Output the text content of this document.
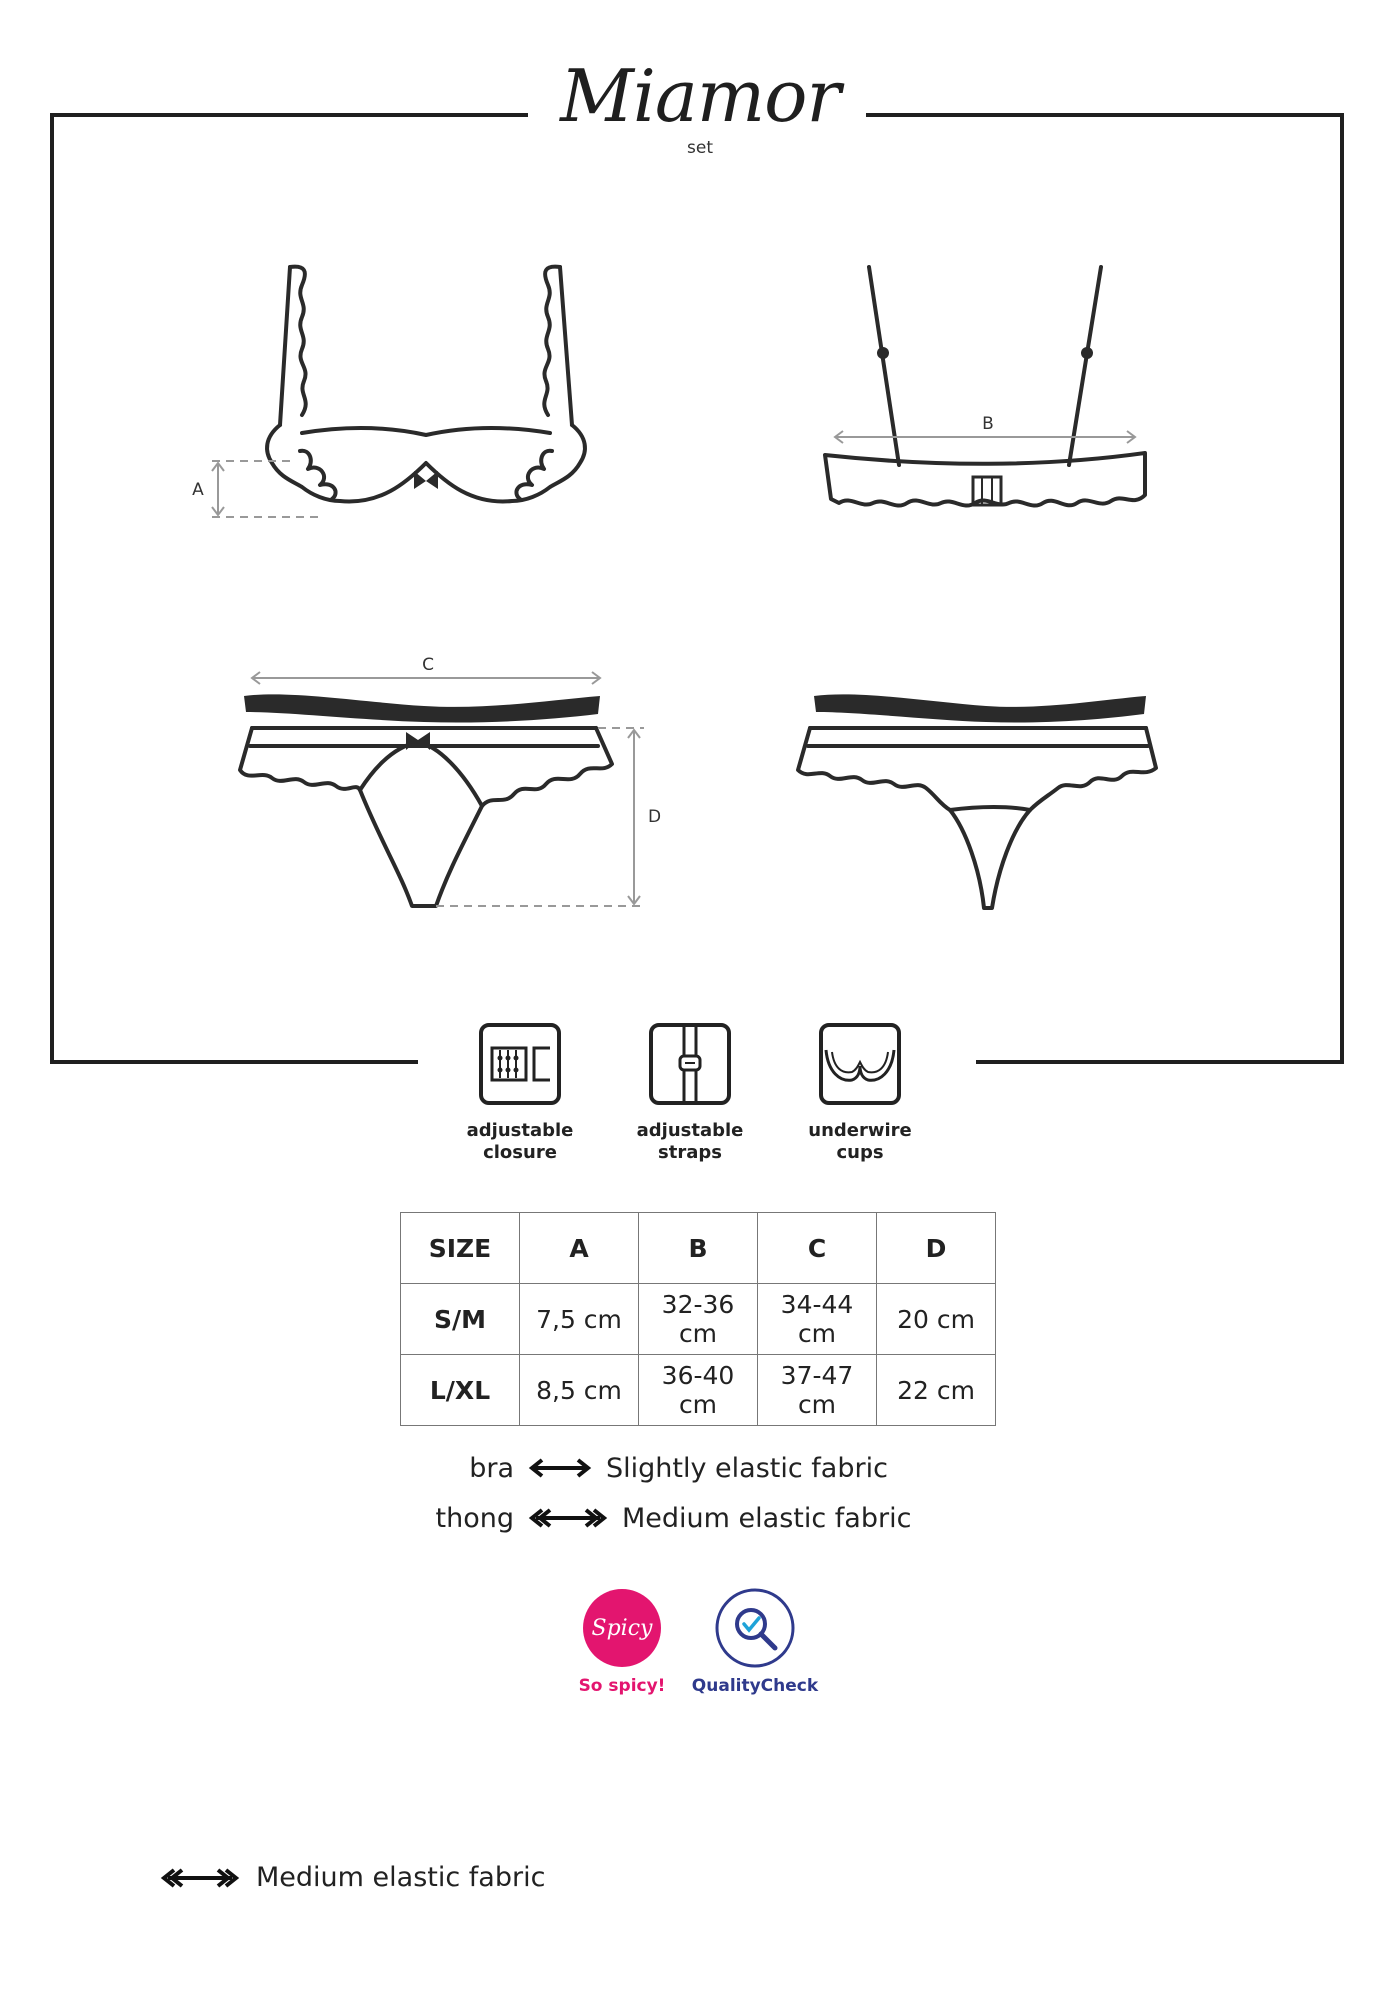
Miamor
set
A
B
C
D
adjustable
closure
adjustable
straps
underwire
cups
SIZE	A	B	C	D
S/M	7,5 cm	32-36 cm	34-44 cm	20 cm
L/XL	8,5 cm	36-40 cm	37-47 cm	22 cm
bra	Slightly elastic fabric
thong	Medium elastic fabric
Spicy
So spicy!	QualityCheck
Medium elastic fabric
